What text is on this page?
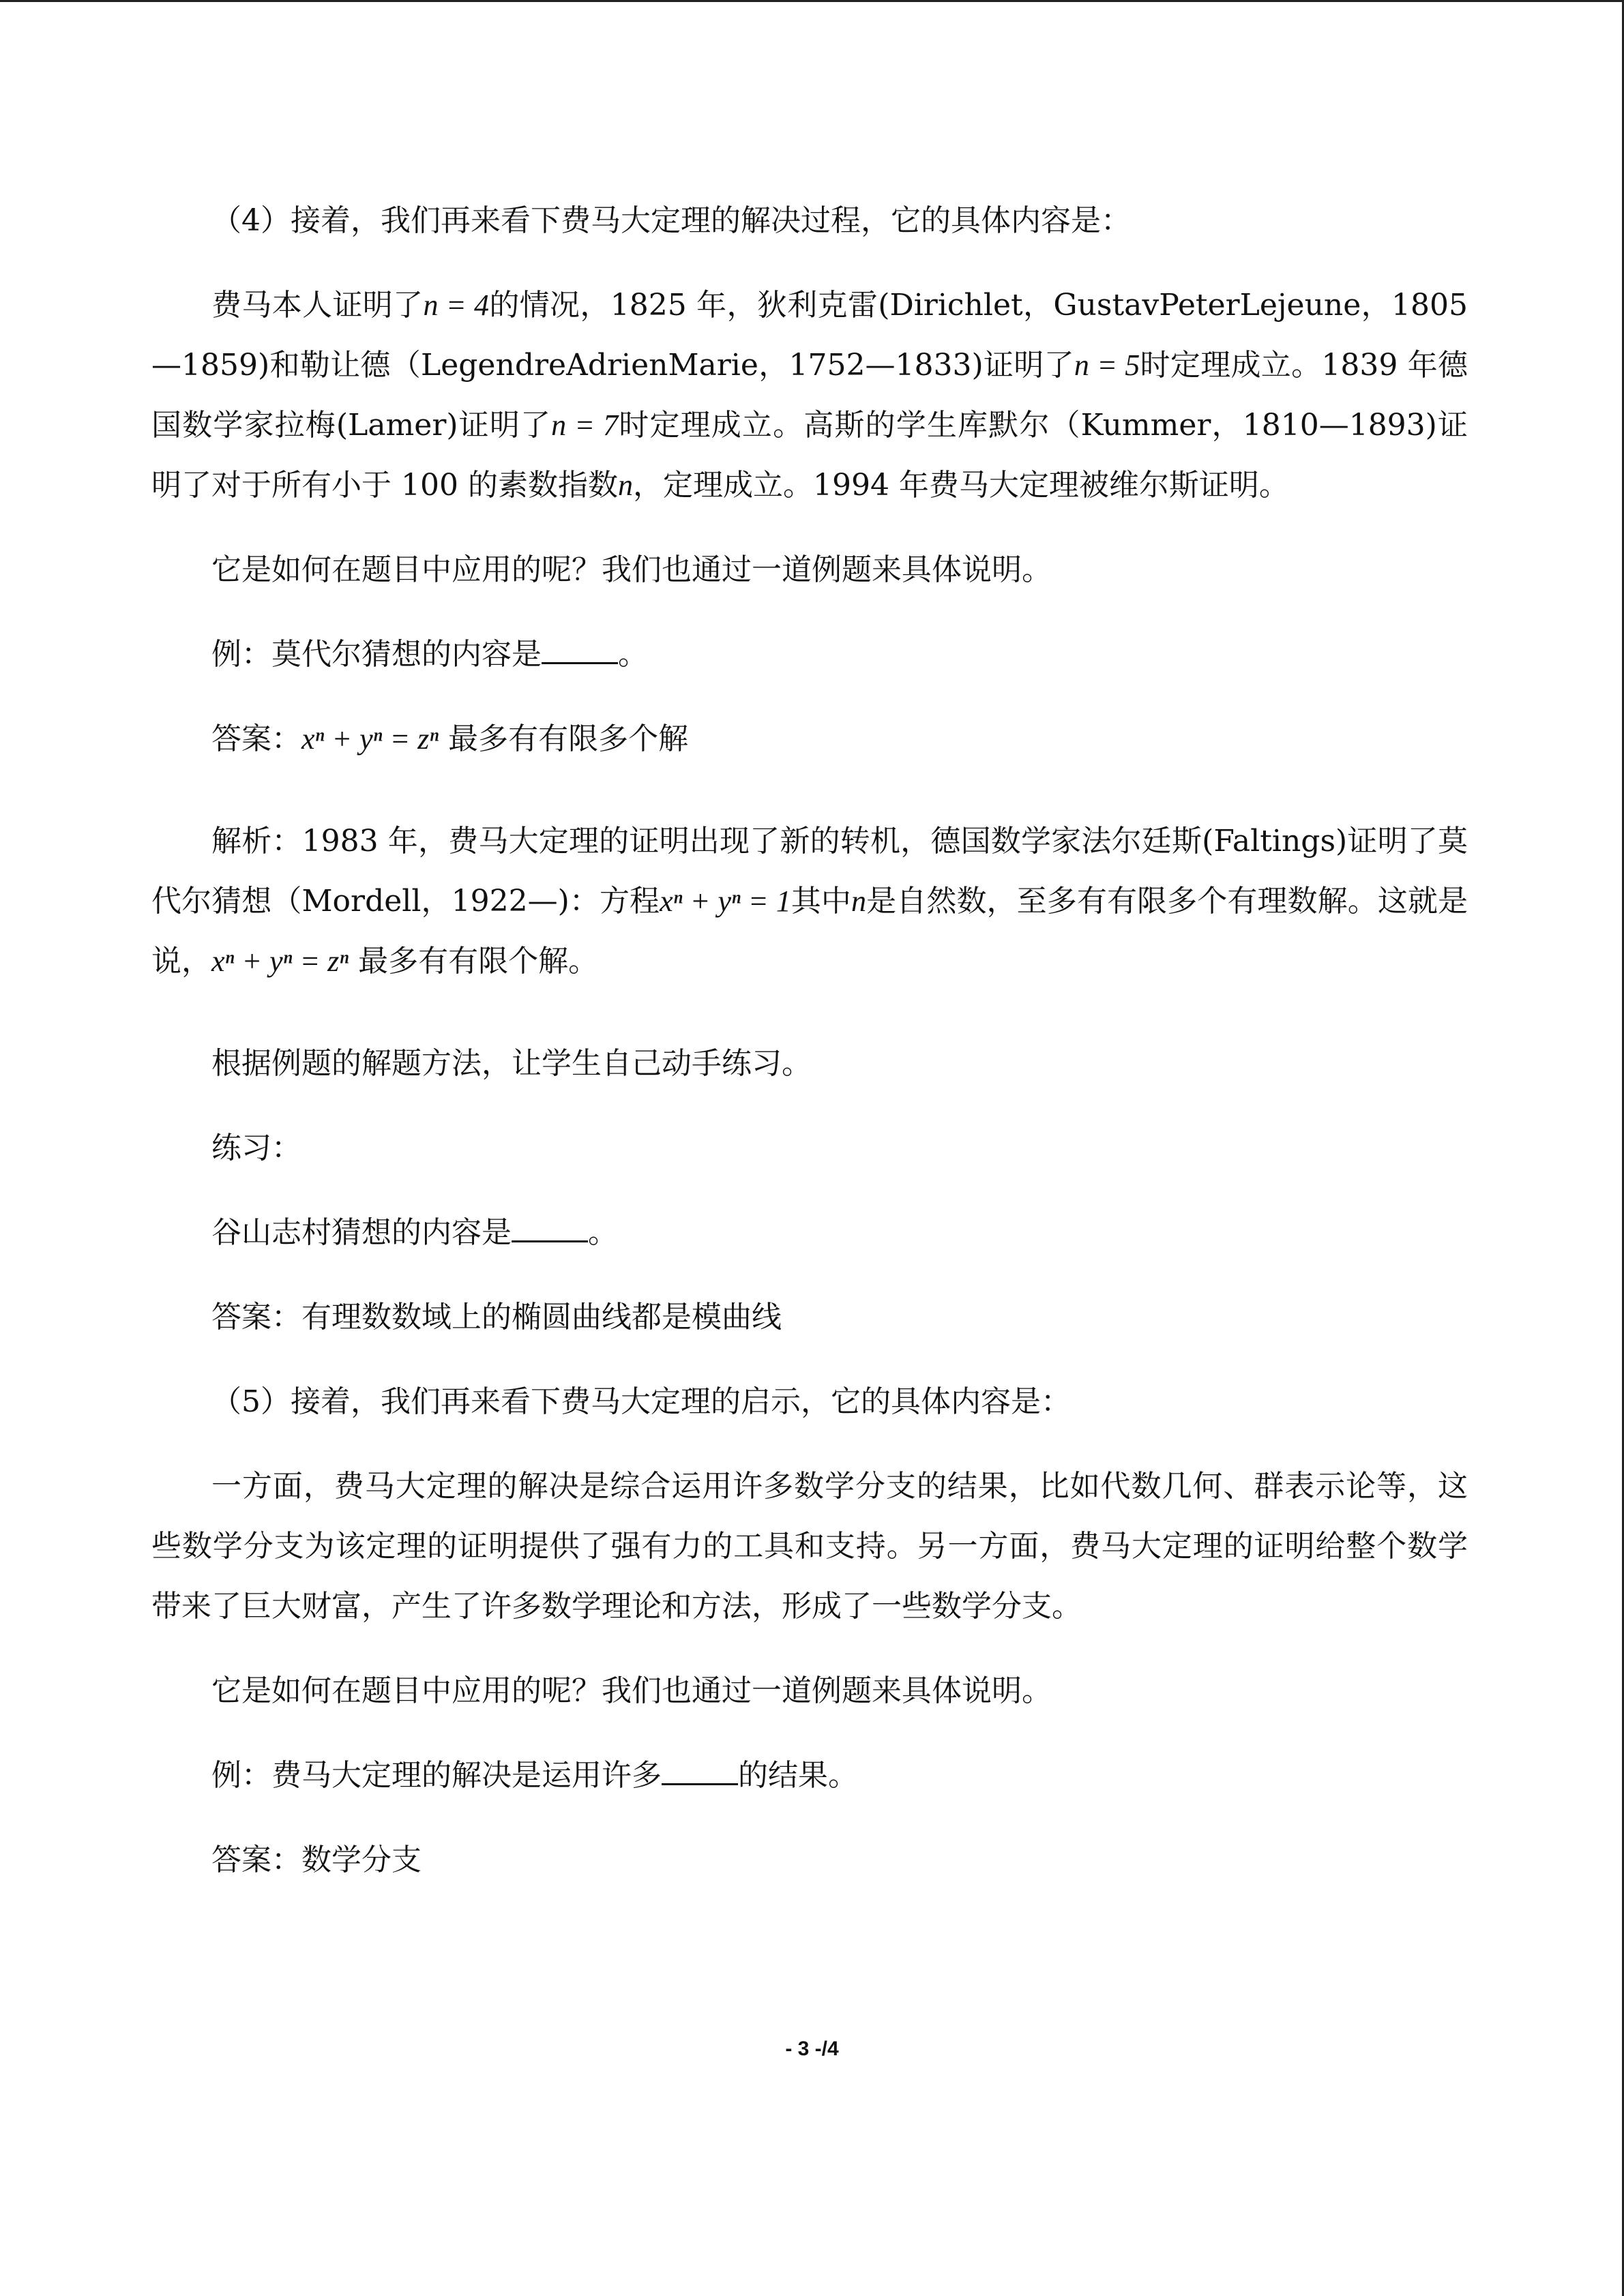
（4）接着，我们再来看下费马大定理的解决过程，它的具体内容是：

费马本人证明了n = 4的情况，1825 年，狄利克雷(Dirichlet，GustavPeterLejeune，1805—1859)和勒让德（LegendreAdrienMarie，1752—1833)证明了n = 5时定理成立。1839 年德国数学家拉梅(Lamer)证明了n = 7时定理成立。高斯的学生库默尔（Kummer，1810—1893)证明了对于所有小于 100 的素数指数n，定理成立。1994 年费马大定理被维尔斯证明。

它是如何在题目中应用的呢？我们也通过一道例题来具体说明。

例：莫代尔猜想的内容是	。

答案：xⁿ + yⁿ = zⁿ 最多有有限多个解

解析：1983 年，费马大定理的证明出现了新的转机，德国数学家法尔廷斯(Faltings)证明了莫代尔猜想（Mordell，1922—)：方程xⁿ + yⁿ = 1其中n是自然数，至多有有限多个有理数解。这就是说，xⁿ + yⁿ = zⁿ 最多有有限个解。

根据例题的解题方法，让学生自己动手练习。

练习：

谷山志村猜想的内容是	。

答案：有理数数域上的椭圆曲线都是模曲线

（5）接着，我们再来看下费马大定理的启示，它的具体内容是：

一方面，费马大定理的解决是综合运用许多数学分支的结果，比如代数几何、群表示论等，这些数学分支为该定理的证明提供了强有力的工具和支持。另一方面，费马大定理的证明给整个数学带来了巨大财富，产生了许多数学理论和方法，形成了一些数学分支。

它是如何在题目中应用的呢？我们也通过一道例题来具体说明。

例：费马大定理的解决是运用许多	的结果。

答案：数学分支

- 3 -/4
